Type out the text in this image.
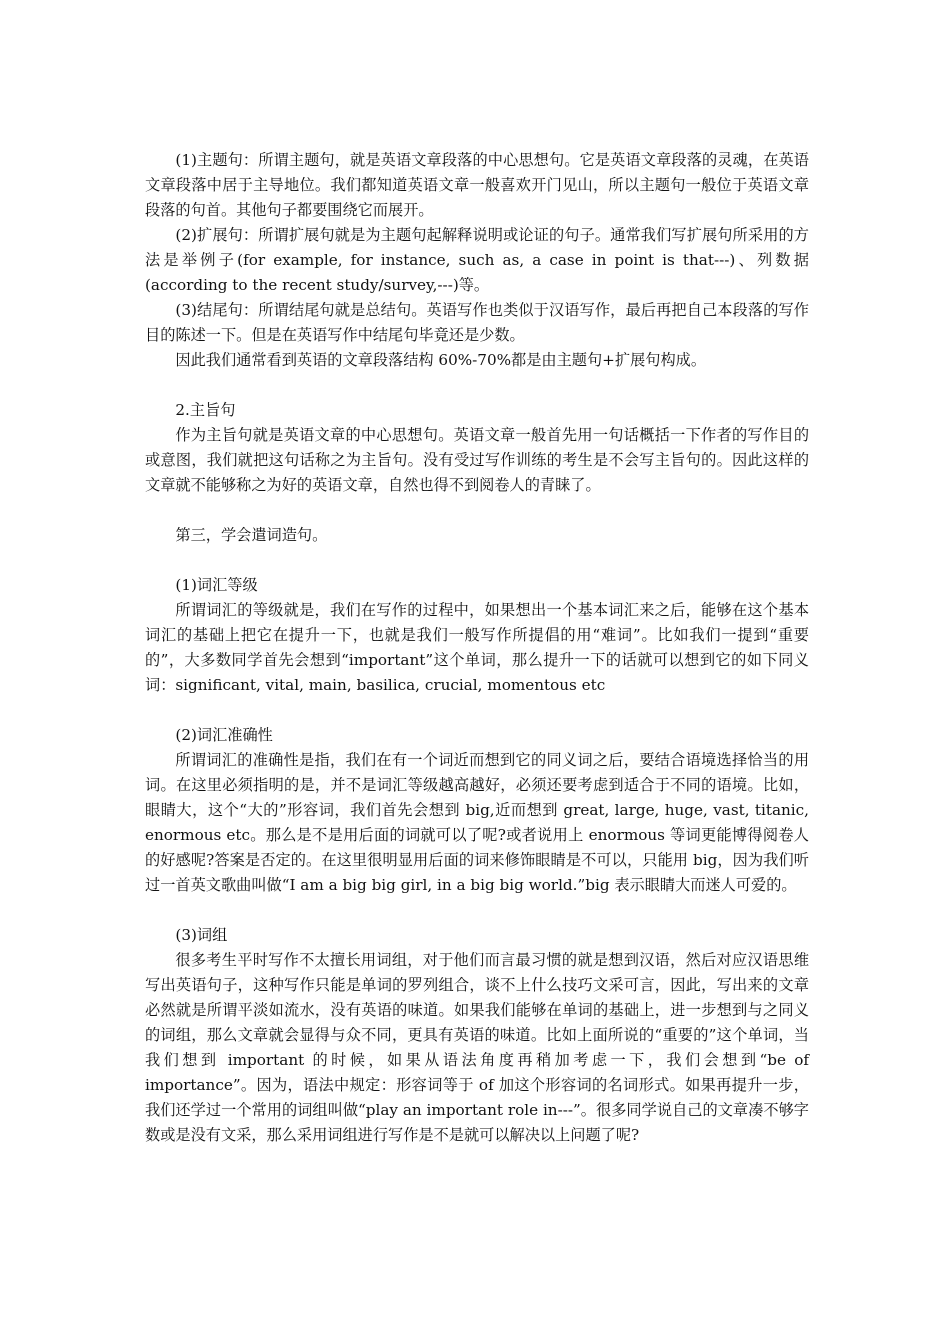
(1)主题句：所谓主题句，就是英语文章段落的中心思想句。它是英语文章段落的灵魂，在英语文章段落中居于主导地位。我们都知道英语文章一般喜欢开门见山，所以主题句一般位于英语文章段落的句首。其他句子都要围绕它而展开。

(2)扩展句：所谓扩展句就是为主题句起解释说明或论证的句子。通常我们写扩展句所采用的方法是举例子(for example, for instance, such as, a case in point is that---)、列数据(according to the recent study/survey,---)等。

(3)结尾句：所谓结尾句就是总结句。英语写作也类似于汉语写作，最后再把自己本段落的写作目的陈述一下。但是在英语写作中结尾句毕竟还是少数。

因此我们通常看到英语的文章段落结构 60%-70%都是由主题句+扩展句构成。

2.主旨句

作为主旨句就是英语文章的中心思想句。英语文章一般首先用一句话概括一下作者的写作目的或意图，我们就把这句话称之为主旨句。没有受过写作训练的考生是不会写主旨句的。因此这样的文章就不能够称之为好的英语文章，自然也得不到阅卷人的青睐了。

第三，学会遣词造句。

(1)词汇等级

所谓词汇的等级就是，我们在写作的过程中，如果想出一个基本词汇来之后，能够在这个基本词汇的基础上把它在提升一下，也就是我们一般写作所提倡的用“难词”。比如我们一提到“重要的”，大多数同学首先会想到“important”这个单词，那么提升一下的话就可以想到它的如下同义词：significant, vital, main, basilica, crucial, momentous etc

(2)词汇准确性

所谓词汇的准确性是指，我们在有一个词近而想到它的同义词之后，要结合语境选择恰当的用词。在这里必须指明的是，并不是词汇等级越高越好，必须还要考虑到适合于不同的语境。比如，眼睛大，这个“大的”形容词，我们首先会想到 big,近而想到 great, large, huge, vast, titanic, enormous etc。那么是不是用后面的词就可以了呢?或者说用上 enormous 等词更能博得阅卷人的好感呢?答案是否定的。在这里很明显用后面的词来修饰眼睛是不可以，只能用 big，因为我们听过一首英文歌曲叫做“I am a big big girl, in a big big world.”big 表示眼睛大而迷人可爱的。

(3)词组

很多考生平时写作不太擅长用词组，对于他们而言最习惯的就是想到汉语，然后对应汉语思维写出英语句子，这种写作只能是单词的罗列组合，谈不上什么技巧文采可言，因此，写出来的文章必然就是所谓平淡如流水，没有英语的味道。如果我们能够在单词的基础上，进一步想到与之同义的词组，那么文章就会显得与众不同，更具有英语的味道。比如上面所说的“重要的”这个单词，当我们想到 important 的时候，如果从语法角度再稍加考虑一下，我们会想到“be of importance”。因为，语法中规定：形容词等于 of 加这个形容词的名词形式。如果再提升一步，我们还学过一个常用的词组叫做“play an important role in---”。很多同学说自己的文章凑不够字数或是没有文采，那么采用词组进行写作是不是就可以解决以上问题了呢?
